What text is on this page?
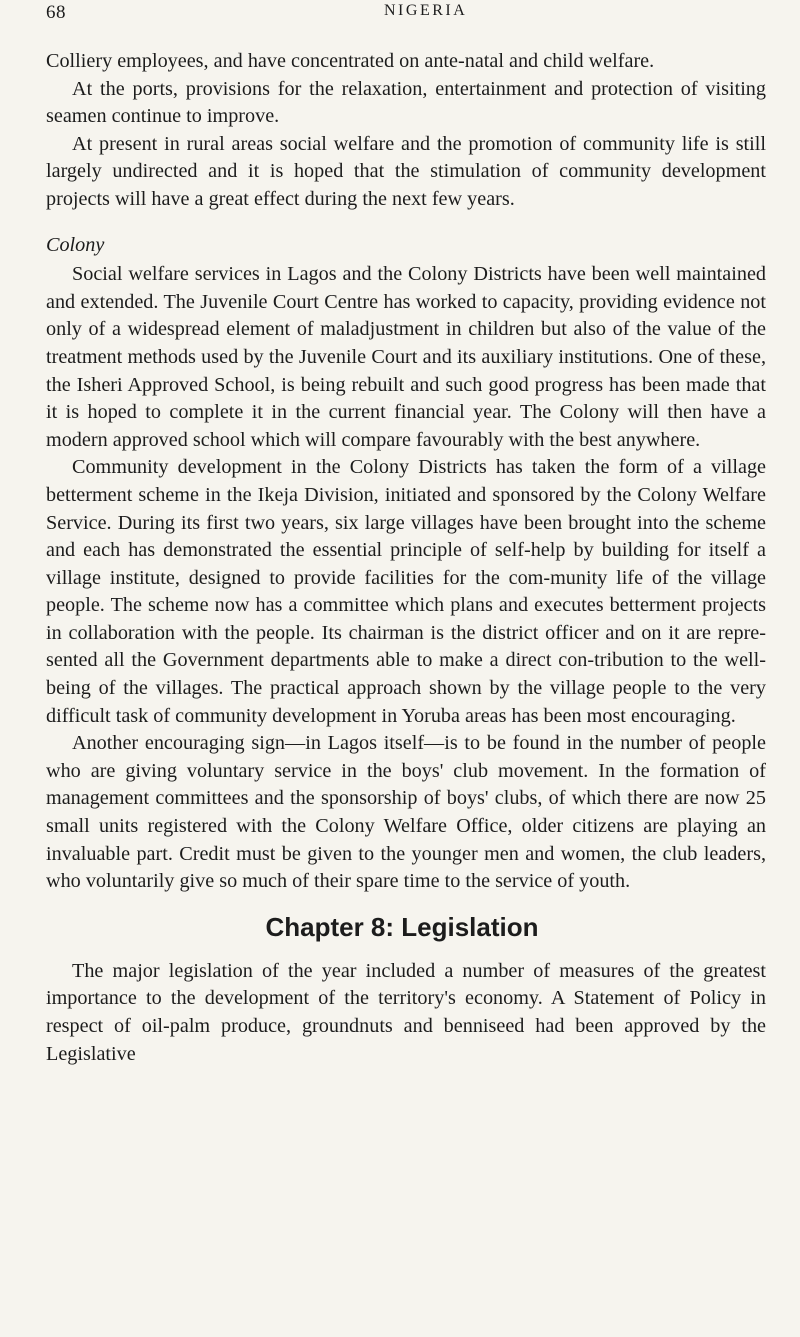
68	NIGERIA

Colliery employees, and have concentrated on ante-natal and child welfare.

At the ports, provisions for the relaxation, entertainment and protection of visiting seamen continue to improve.

At present in rural areas social welfare and the promotion of community life is still largely undirected and it is hoped that the stimulation of community development projects will have a great effect during the next few years.

Colony

Social welfare services in Lagos and the Colony Districts have been well maintained and extended. The Juvenile Court Centre has worked to capacity, providing evidence not only of a widespread element of maladjustment in children but also of the value of the treatment methods used by the Juvenile Court and its auxiliary institutions. One of these, the Isheri Approved School, is being rebuilt and such good progress has been made that it is hoped to complete it in the current financial year. The Colony will then have a modern approved school which will compare favourably with the best anywhere.

Community development in the Colony Districts has taken the form of a village betterment scheme in the Ikeja Division, initiated and sponsored by the Colony Welfare Service. During its first two years, six large villages have been brought into the scheme and each has demonstrated the essential principle of self-help by building for itself a village institute, designed to provide facilities for the com-munity life of the village people. The scheme now has a committee which plans and executes betterment projects in collaboration with the people. Its chairman is the district officer and on it are repre-sented all the Government departments able to make a direct con-tribution to the well-being of the villages. The practical approach shown by the village people to the very difficult task of community development in Yoruba areas has been most encouraging.

Another encouraging sign—in Lagos itself—is to be found in the number of people who are giving voluntary service in the boys' club movement. In the formation of management committees and the sponsorship of boys' clubs, of which there are now 25 small units registered with the Colony Welfare Office, older citizens are playing an invaluable part. Credit must be given to the younger men and women, the club leaders, who voluntarily give so much of their spare time to the service of youth.

Chapter 8: Legislation

The major legislation of the year included a number of measures of the greatest importance to the development of the territory's economy. A Statement of Policy in respect of oil-palm produce, groundnuts and benniseed had been approved by the Legislative
